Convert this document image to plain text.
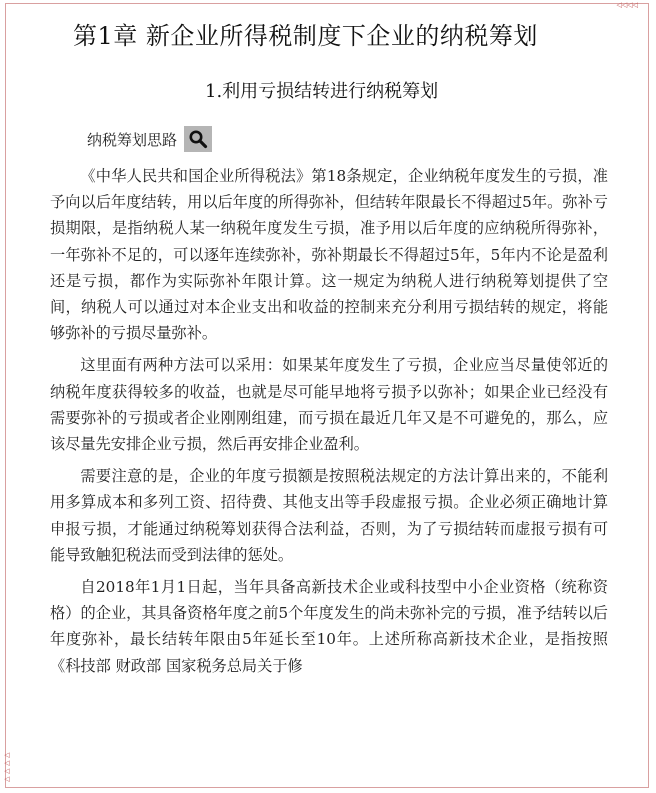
◁◁◁◁
◁◁◁◁
第1章 新企业所得税制度下企业的纳税筹划
1.利用亏损结转进行纳税筹划
纳税筹划思路

《中华人民共和国企业所得税法》第18条规定，企业纳税年度发生的亏损，准予向以后年度结转，用以后年度的所得弥补，但结转年限最长不得超过5年。弥补亏损期限，是指纳税人某一纳税年度发生亏损，准予用以后年度的应纳税所得弥补，一年弥补不足的，可以逐年连续弥补，弥补期最长不得超过5年，5年内不论是盈利还是亏损，都作为实际弥补年限计算。这一规定为纳税人进行纳税筹划提供了空间，纳税人可以通过对本企业支出和收益的控制来充分利用亏损结转的规定，将能够弥补的亏损尽量弥补。

这里面有两种方法可以采用：如果某年度发生了亏损，企业应当尽量使邻近的纳税年度获得较多的收益，也就是尽可能早地将亏损予以弥补；如果企业已经没有需要弥补的亏损或者企业刚刚组建，而亏损在最近几年又是不可避免的，那么，应该尽量先安排企业亏损，然后再安排企业盈利。

需要注意的是，企业的年度亏损额是按照税法规定的方法计算出来的，不能利用多算成本和多列工资、招待费、其他支出等手段虚报亏损。企业必须正确地计算申报亏损，才能通过纳税筹划获得合法利益，否则，为了亏损结转而虚报亏损有可能导致触犯税法而受到法律的惩处。

自2018年1月1日起，当年具备高新技术企业或科技型中小企业资格（统称资格）的企业，其具备资格年度之前5个年度发生的尚未弥补完的亏损，准予结转以后年度弥补，最长结转年限由5年延长至10年。上述所称高新技术企业，是指按照《科技部 财政部 国家税务总局关于修
